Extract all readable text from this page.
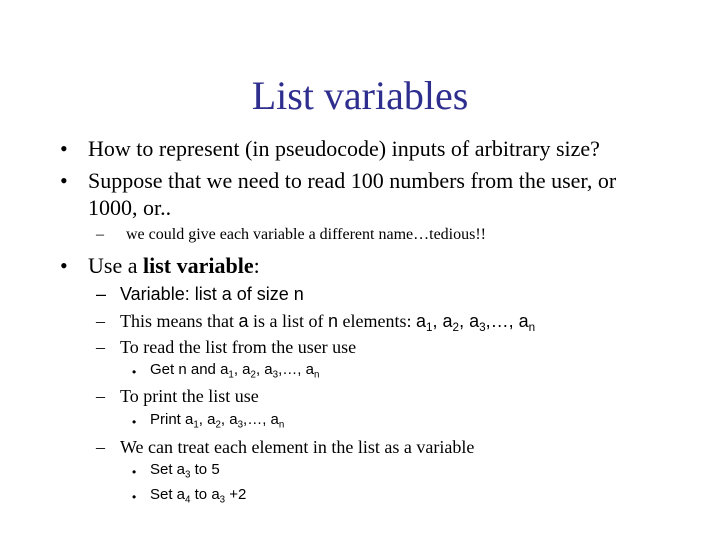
List variables
• How to represent (in pseudocode) inputs of arbitrary size?
• Suppose that we need to read 100 numbers from the user, or
1000, or..
– we could give each variable a different name…tedious!!
• Use a list variable:
– Variable: list a of size n
– This means that a is a list of n elements: $a_1$, $a_2$, $a_3,\dots$, $a_n$
– To read the list from the user use
• Get n and $a_1$, $a_2$, $a_3,\dots$, $a_n$
– To print the list use
• Print $a_1$, $a_2$, $a_3,\dots$, $a_n$
– We can treat each element in the list as a variable
• Set $a_3$ to 5
• Set $a_4$ to $a_3 +2$
